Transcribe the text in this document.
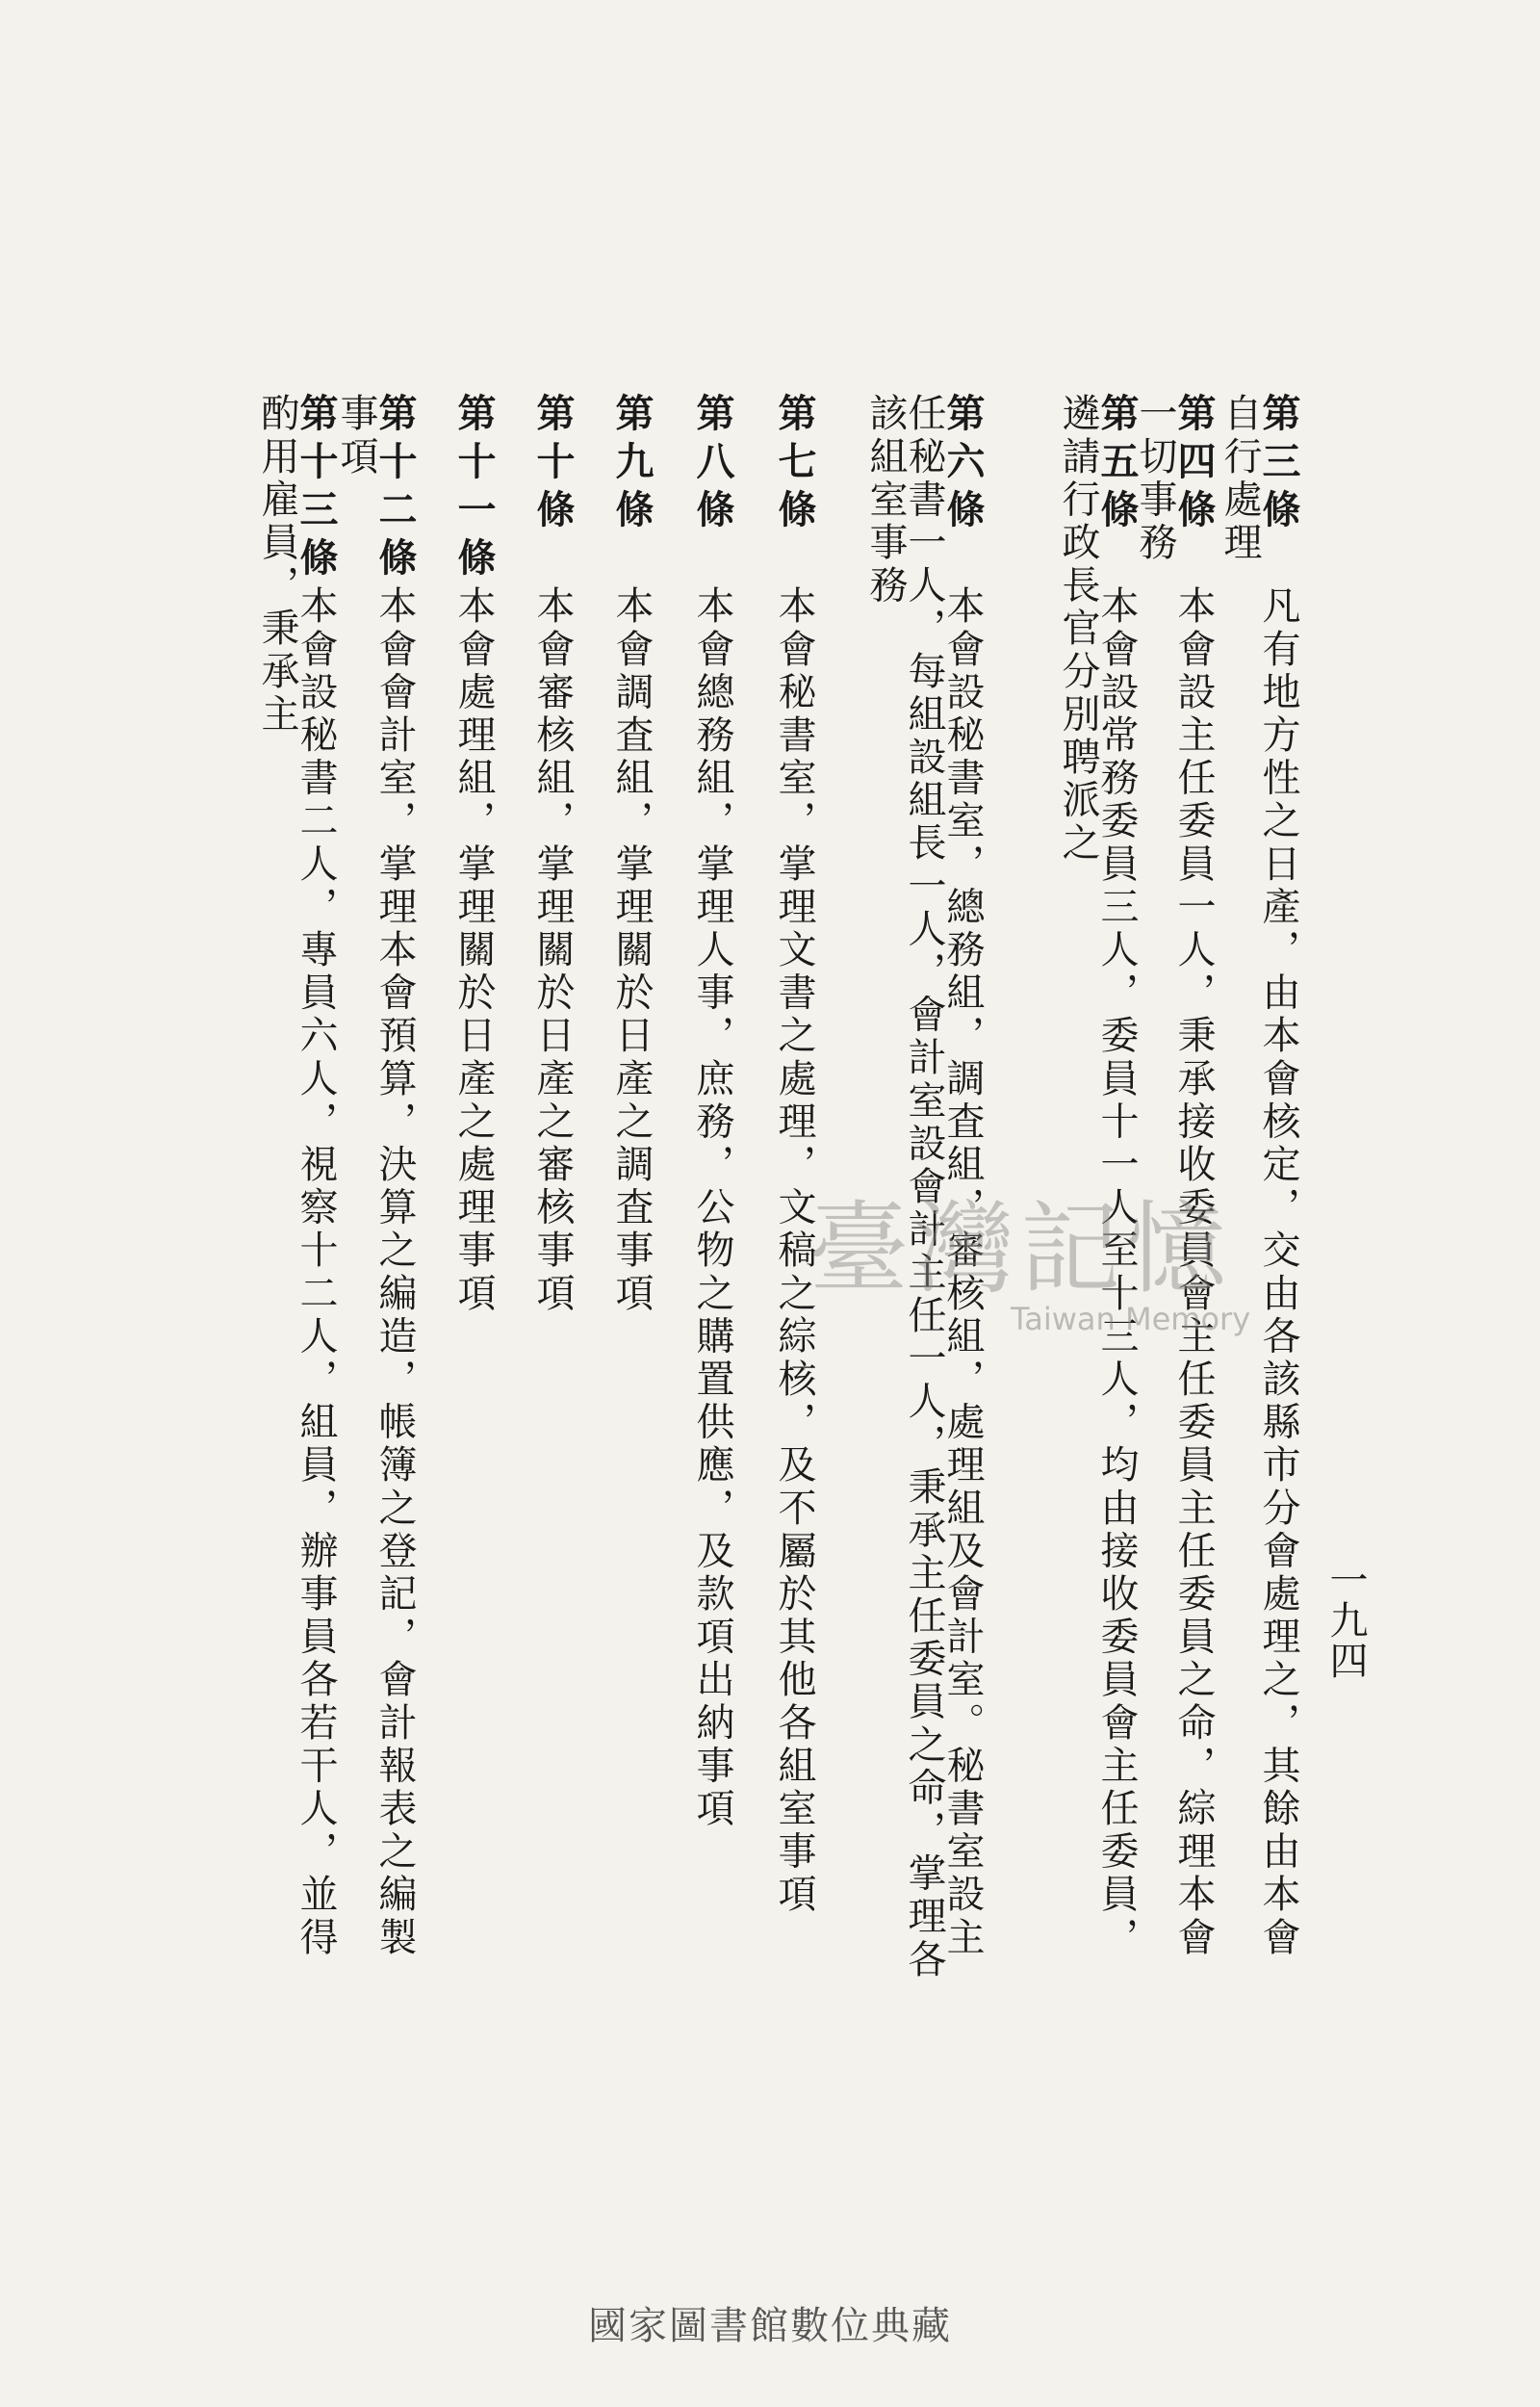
一九四
第三條凡有地方性之日產，由本會核定，交由各該縣市分會處理之，其餘由本會自行處理
第四條本會設主任委員一人，秉承接收委員會主任委員主任委員之命，綜理本會一切事務
第五條本會設常務委員三人，委員十一人至十三人，均由接收委員會主任委員，遴請行政長官分別聘派之
第六條本會設秘書室，總務組，調査組，審核組，處理組及會計室。秘書室設主任秘書一人，每組設組長一人，會計室設會計主任一人，秉承主任委員之命，掌理各該組室事務
第七條本會秘書室，掌理文書之處理，文稿之綜核，及不屬於其他各組室事項
第八條本會總務組，掌理人事，庶務，公物之購置供應，及款項出納事項
第九條本會調査組，掌理關於日產之調査事項
第十條本會審核組，掌理關於日產之審核事項
第十一條本會處理組，掌理關於日產之處理事項
第十二條本會會計室，掌理本會預算，決算之編造，帳簿之登記，會計報表之編製事項
第十三條本會設秘書二人，專員六人，視察十二人，組員，辦事員各若干人，並得酌用雇員，秉承主
臺灣記憶
Taiwan Memory
國家圖書館數位典藏
